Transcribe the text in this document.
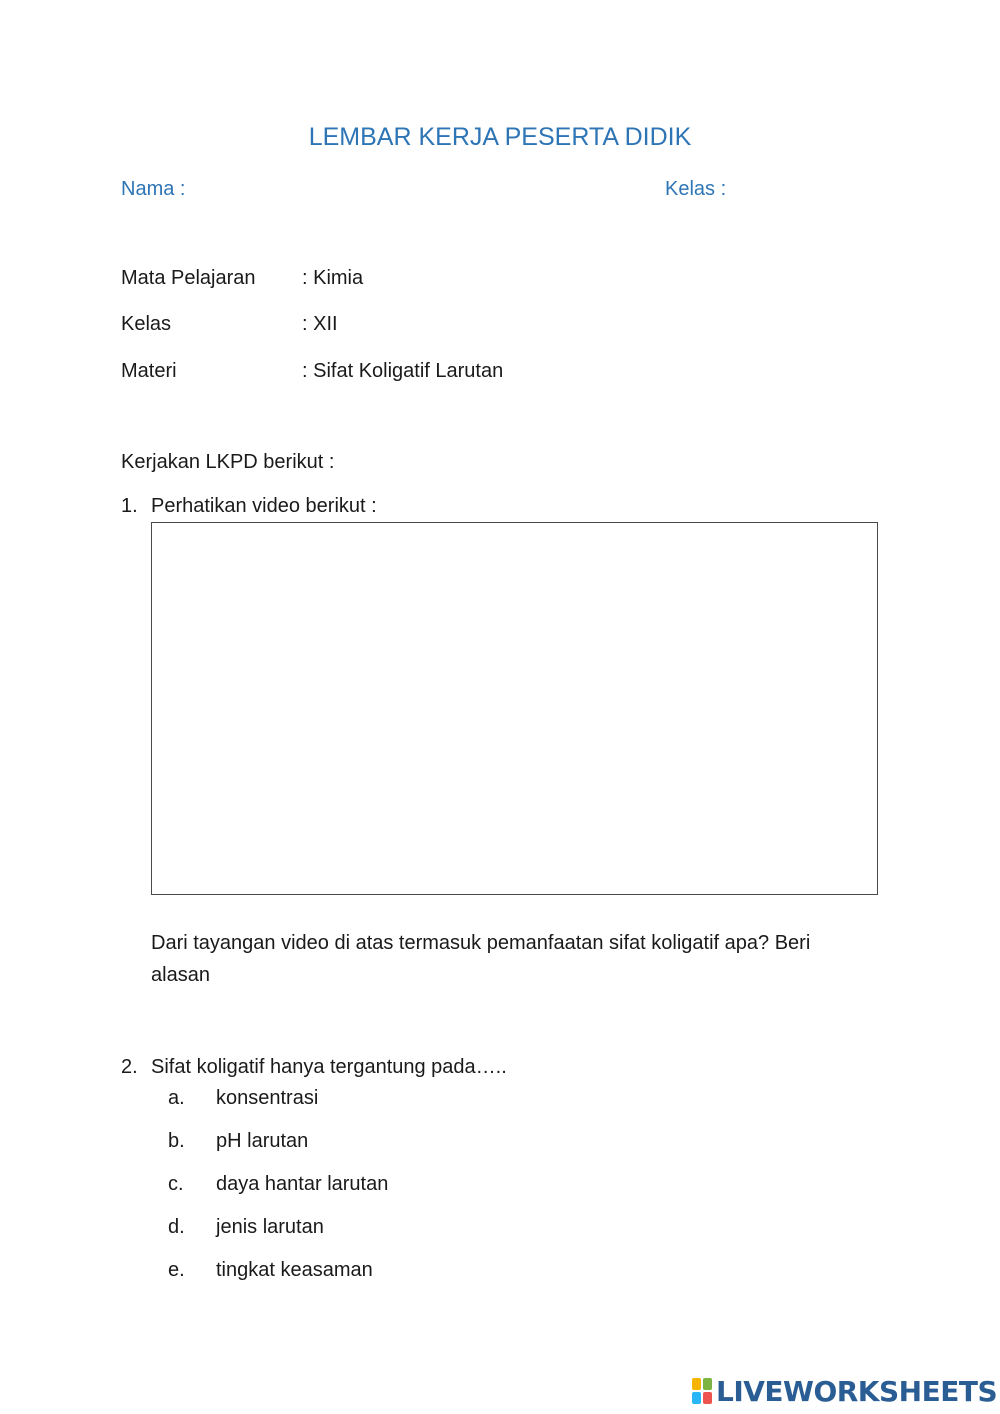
LEMBAR KERJA PESERTA DIDIK
Nama :	Kelas :
Mata Pelajaran : Kimia
Kelas	: XII
Materi	: Sifat Koligatif Larutan
Kerjakan LKPD berikut :
1. Perhatikan video berikut :
Dari tayangan video di atas termasuk pemanfaatan sifat koligatif apa? Beri
alasan
2. Sifat koligatif hanya tergantung pada…..
a. konsentrasi
b. pH larutan
c. daya hantar larutan
d. jenis larutan
e. tingkat keasaman
LIVEWORKSHEETS
